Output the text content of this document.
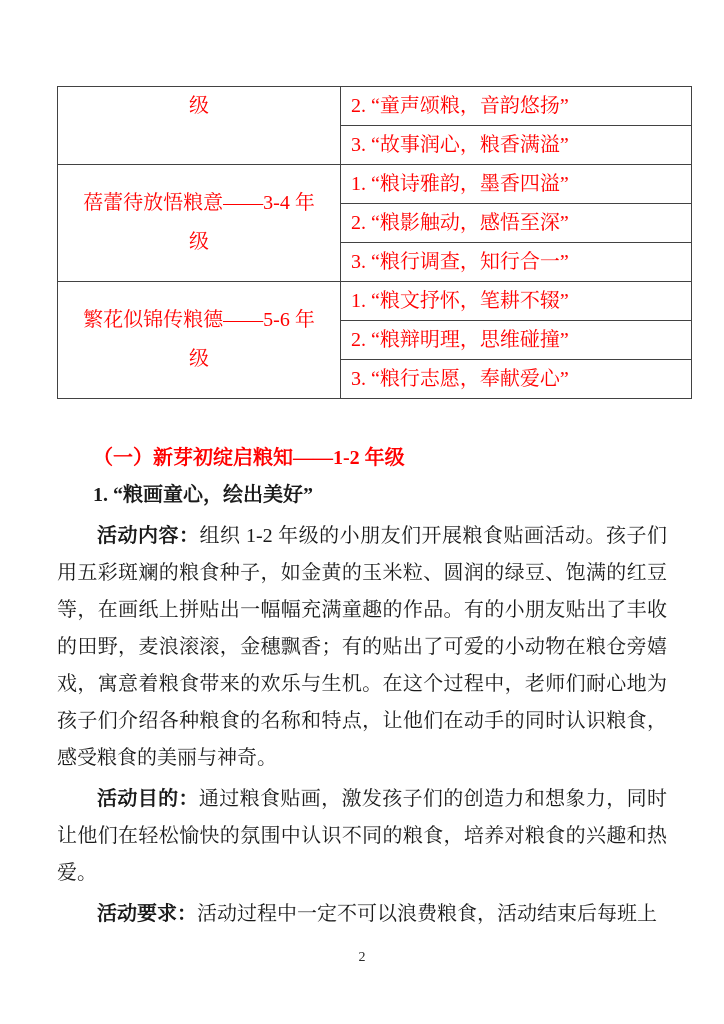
级	2. “童声颂粮，音韵悠扬”
	3. “故事润心，粮香满溢”

蓓蕾待放悟粮意——3-4 年
级	1. “粮诗雅韵，墨香四溢”
	2. “粮影触动，感悟至深”
	3. “粮行调查，知行合一”

繁花似锦传粮德——5-6 年
级	1. “粮文抒怀，笔耕不辍”
	2. “粮辩明理，思维碰撞”
	3. “粮行志愿，奉献爱心”
（一）新芽初绽启粮知——1-2 年级
1. “粮画童心，绘出美好”

活动内容：组织 1-2 年级的小朋友们开展粮食贴画活动。孩子们用五彩斑斓的粮食种子，如金黄的玉米粒、圆润的绿豆、饱满的红豆等，在画纸上拼贴出一幅幅充满童趣的作品。有的小朋友贴出了丰收的田野，麦浪滚滚，金穗飘香；有的贴出了可爱的小动物在粮仓旁嬉戏，寓意着粮食带来的欢乐与生机。在这个过程中，老师们耐心地为孩子们介绍各种粮食的名称和特点，让他们在动手的同时认识粮食，感受粮食的美丽与神奇。

活动目的：通过粮食贴画，激发孩子们的创造力和想象力，同时让他们在轻松愉快的氛围中认识不同的粮食，培养对粮食的兴趣和热爱。

活动要求：活动过程中一定不可以浪费粮食，活动结束后每班上

2
